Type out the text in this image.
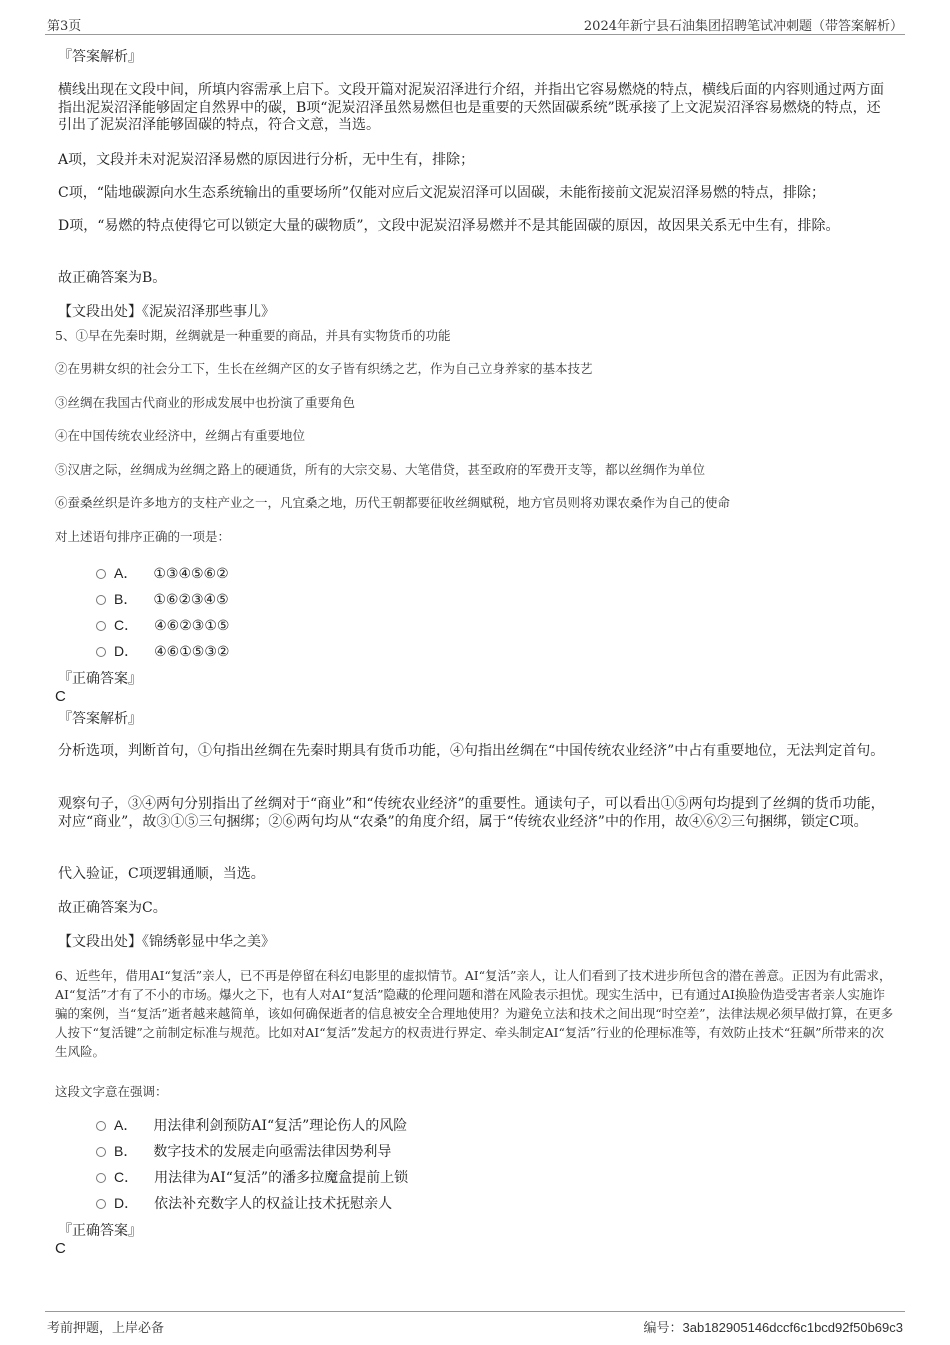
第3页	2024年新宁县石油集团招聘笔试冲刺题（带答案解析）
『答案解析』
横线出现在文段中间，所填内容需承上启下。文段开篇对泥炭沼泽进行介绍，并指出它容易燃烧的特点，横线后面的内容则通过两方面指出泥炭沼泽能够固定自然界中的碳，B项“泥炭沼泽虽然易燃但也是重要的天然固碳系统”既承接了上文泥炭沼泽容易燃烧的特点，还引出了泥炭沼泽能够固碳的特点，符合文意，当选。
A项，文段并未对泥炭沼泽易燃的原因进行分析，无中生有，排除；
C项，“陆地碳源向水生态系统输出的重要场所”仅能对应后文泥炭沼泽可以固碳，未能衔接前文泥炭沼泽易燃的特点，排除；
D项，“易燃的特点使得它可以锁定大量的碳物质”，文段中泥炭沼泽易燃并不是其能固碳的原因，故因果关系无中生有，排除。
故正确答案为B。
【文段出处】《泥炭沼泽那些事儿》
5、①早在先秦时期，丝绸就是一种重要的商品，并具有实物货币的功能
②在男耕女织的社会分工下，生长在丝绸产区的女子皆有织绣之艺，作为自己立身养家的基本技艺
③丝绸在我国古代商业的形成发展中也扮演了重要角色
④在中国传统农业经济中，丝绸占有重要地位
⑤汉唐之际，丝绸成为丝绸之路上的硬通货，所有的大宗交易、大笔借贷，甚至政府的军费开支等，都以丝绸作为单位
⑥蚕桑丝织是许多地方的支柱产业之一，凡宜桑之地，历代王朝都要征收丝绸赋税，地方官员则将劝课农桑作为自己的使命
对上述语句排序正确的一项是：
A． ①③④⑤⑥②
B． ①⑥②③④⑤
C． ④⑥②③①⑤
D． ④⑥①⑤③②
『正确答案』
C
『答案解析』
分析选项，判断首句，①句指出丝绸在先秦时期具有货币功能，④句指出丝绸在“中国传统农业经济”中占有重要地位，无法判定首句。
观察句子，③④两句分别指出了丝绸对于“商业”和“传统农业经济”的重要性。通读句子，可以看出①⑤两句均提到了丝绸的货币功能，对应“商业”，故③①⑤三句捆绑；②⑥两句均从“农桑”的角度介绍，属于“传统农业经济”中的作用，故④⑥②三句捆绑，锁定C项。
代入验证，C项逻辑通顺，当选。
故正确答案为C。
【文段出处】《锦绣彰显中华之美》
6、近些年，借用AI“复活”亲人，已不再是停留在科幻电影里的虚拟情节。AI“复活”亲人，让人们看到了技术进步所包含的潜在善意。正因为有此需求，AI“复活”才有了不小的市场。爆火之下，也有人对AI“复活”隐藏的伦理问题和潜在风险表示担忧。现实生活中，已有通过AI换脸伪造受害者亲人实施诈骗的案例，当“复活”逝者越来越简单，该如何确保逝者的信息被安全合理地使用？为避免立法和技术之间出现“时空差”，法律法规必须早做打算，在更多人按下“复活键”之前制定标准与规范。比如对AI“复活”发起方的权责进行界定、牵头制定AI“复活”行业的伦理标准等，有效防止技术“狂飙”所带来的次生风险。
这段文字意在强调：
A． 用法律利剑预防AI“复活”理论伤人的风险
B． 数字技术的发展走向亟需法律因势利导
C． 用法律为AI“复活”的潘多拉魔盒提前上锁
D． 依法补充数字人的权益让技术抚慰亲人
『正确答案』
C
考前押题，上岸必备	编号：3ab182905146dccf6c1bcd92f50b69c3
